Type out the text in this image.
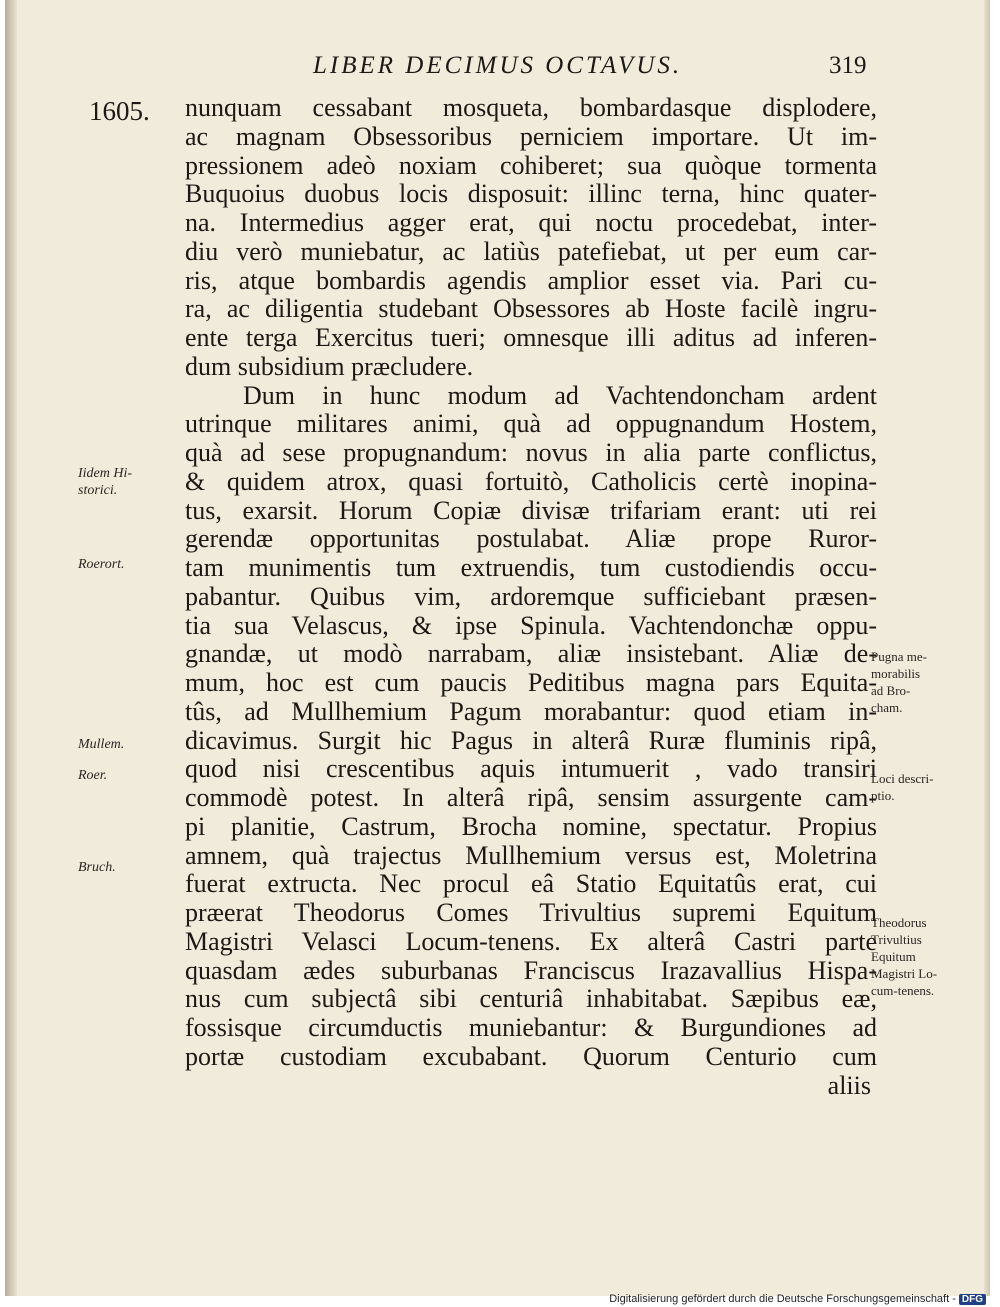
LIBER DECIMUS OCTAVUS.	319
1605. nunquam cessabant mosqueta, bombardasque displodere,
ac magnam Obsessoribus perniciem importare. Ut im-
pressionem adeò noxiam cohiberet; sua quòque tormenta
Buquoius duobus locis disposuit: illinc terna, hinc quater-
na. Intermedius agger erat, qui noctu procedebat, inter-
diu verò muniebatur, ac latiùs patefiebat, ut per eum car-
ris, atque bombardis agendis amplior esset via. Pari cu-
ra, ac diligentia studebant Obsessores ab Hoste facilè ingru-
ente terga Exercitus tueri; omnesque illi aditus ad inferen-
dum subsidium præcludere.
Dum in hunc modum ad Vachtendoncham ardent
utrinque militares animi, quà ad oppugnandum Hostem,
quà ad sese propugnandum: novus in alia parte conflictus,
& quidem atrox, quasi fortuitò, Catholicis certè inopina-
tus, exarsit. Horum Copiæ divisæ trifariam erant: uti rei
gerendæ opportunitas postulabat. Aliæ prope Ruror-
tam munimentis tum extruendis, tum custodiendis occu-
pabantur. Quibus vim, ardoremque sufficiebant præsen-
tia sua Velascus, & ipse Spinula. Vachtendonchæ oppu-
gnandæ, ut modò narrabam, aliæ insistebant. Aliæ de-
mum, hoc est cum paucis Peditibus magna pars Equita-
tûs, ad Mullhemium Pagum morabantur: quod etiam in-
dicavimus. Surgit hic Pagus in alterâ Ruræ fluminis ripâ,
quod nisi crescentibus aquis intumuerit , vado transiri
commodè potest. In alterâ ripâ, sensim assurgente cam-
pi planitie, Castrum, Brocha nomine, spectatur. Propius
amnem, quà trajectus Mullhemium versus est, Moletrina
fuerat extructa. Nec procul eâ Statio Equitatûs erat, cui
præerat Theodorus Comes Trivultius supremi Equitum
Magistri Velasci Locum-tenens. Ex alterâ Castri parte
quasdam ædes suburbanas Franciscus Irazavallius Hispa-
nus cum subjectâ sibi centuriâ inhabitabat. Sæpibus eæ,
fossisque circumductis muniebantur: & Burgundiones ad
portæ custodiam excubabant. Quorum Centurio cum
aliis
Iidem Hi-
storici.
Roerort.
Mullem.
Roer.
Bruch.
Pugna me-
morabilis
ad Bro-
cham.
Loci descri-
ptio.
Theodorus
Trivultius
Equitum
Magistri Lo-
cum-tenens.
Digitalisierung gefördert durch die Deutsche Forschungsgemeinschaft - DFG
